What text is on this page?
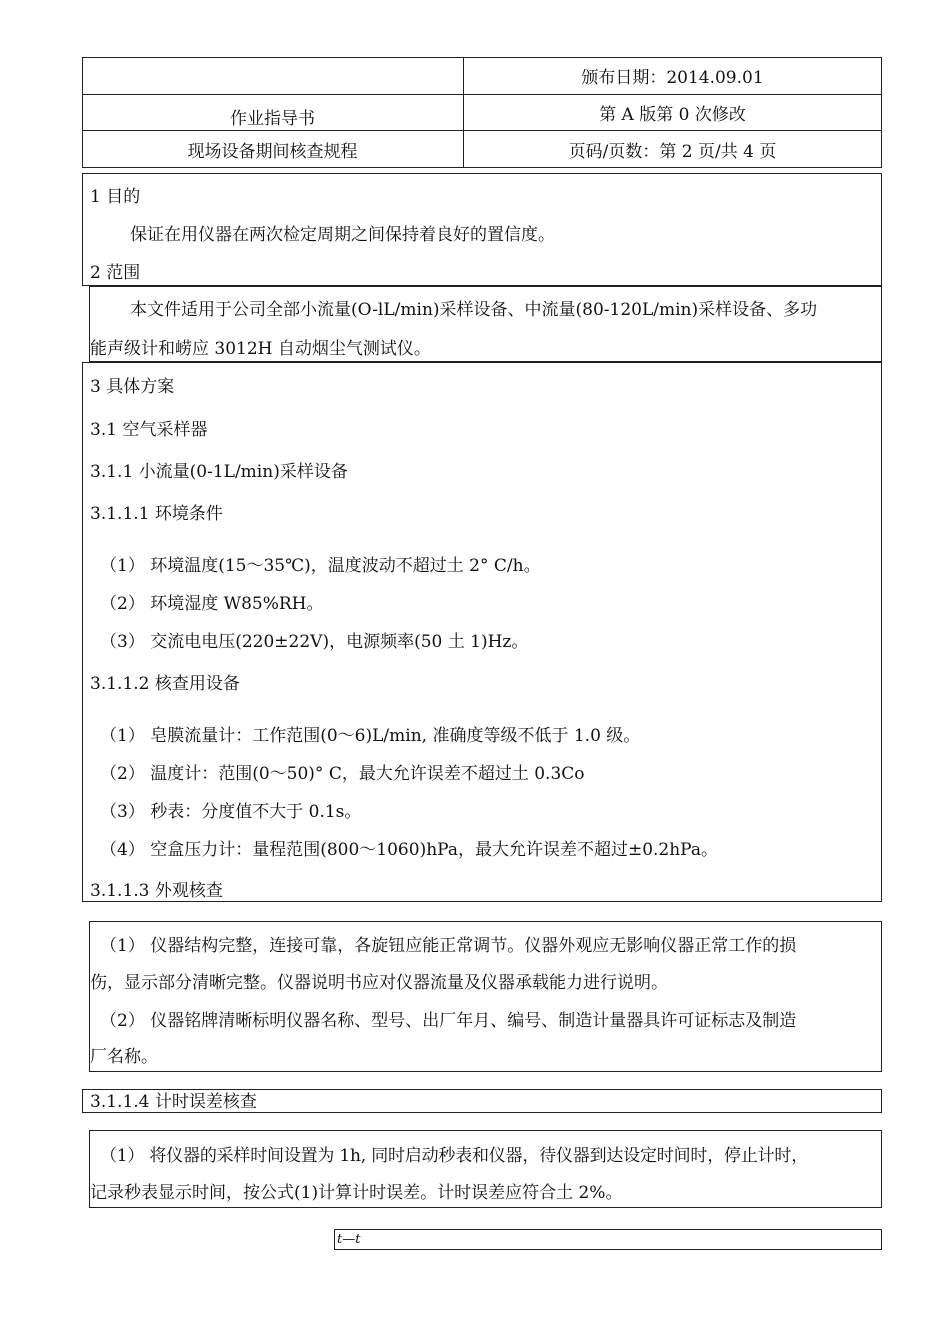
颁布日期：2014.09.01
作业指导书	第 A 版第 0 次修改
现场设备期间核查规程	页码/页数：第 2 页/共 4 页
1 目的
保证在用仪器在两次检定周期之间保持着良好的置信度。
2 范围
本文件适用于公司全部小流量(O-lL/min)采样设备、中流量(80-120L/min)采样设备、多功
能声级计和崂应 3012H 自动烟尘气测试仪。
3 具体方案
3.1 空气采样器
3.1.1 小流量(0-1L/min)采样设备
3.1.1.1 环境条件
（1） 环境温度(15〜35℃)，温度波动不超过土 2° C/h。
（2） 环境湿度 W85%RH。
（3） 交流电电压(220±22V)，电源频率(50 土 1)Hz。
3.1.1.2 核查用设备
（1） 皂膜流量计：工作范围(0〜6)L/min, 准确度等级不低于 1.0 级。
（2） 温度计：范围(0〜50)° C，最大允许误差不超过土 0.3Co
（3） 秒表：分度值不大于 0.1s。
（4） 空盒压力计：量程范围(800〜1060)hPa，最大允许误差不超过±0.2hPa。
3.1.1.3 外观核查
（1） 仪器结构完整，连接可靠，各旋钮应能正常调节。仪器外观应无影响仪器正常工作的损
伤，显示部分清晰完整。仪器说明书应对仪器流量及仪器承载能力进行说明。
（2） 仪器铭牌清晰标明仪器名称、型号、出厂年月、编号、制造计量器具许可证标志及制造
厂名称。
3.1.1.4 计时误差核查
（1） 将仪器的采样时间设置为 1h, 同时启动秒表和仪器，待仪器到达设定时间时，停止计时，
记录秒表显示时间，按公式(1)计算计时误差。计时误差应符合土 2%。
t—t
